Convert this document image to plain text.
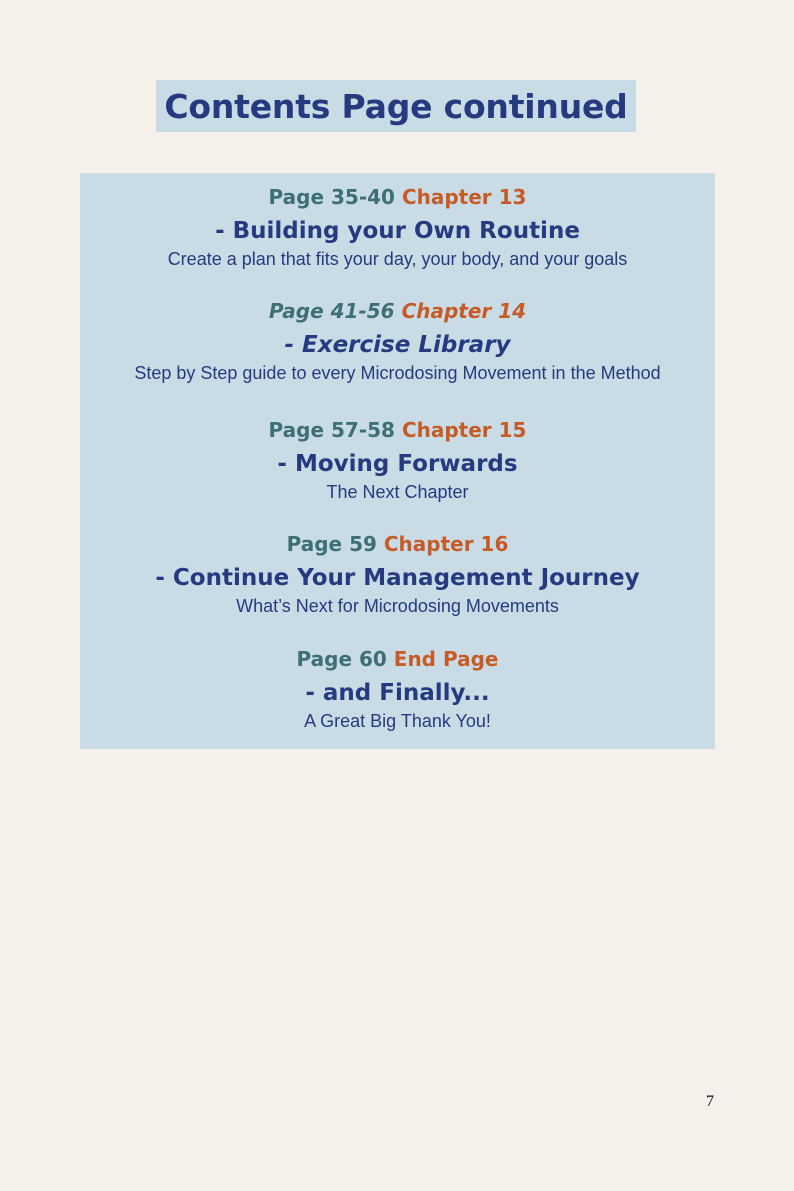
Contents Page continued
Page 35-40 Chapter 13
- Building your Own Routine
Create a plan that fits your day, your body, and your goals
Page 41-56 Chapter 14
- Exercise Library
Step by Step guide to every Microdosing Movement in the Method
Page 57-58 Chapter 15
- Moving Forwards
The Next Chapter
Page 59 Chapter 16
- Continue Your Management Journey
What’s Next for Microdosing Movements
Page 60 End Page
- and Finally...
A Great Big Thank You!
7
